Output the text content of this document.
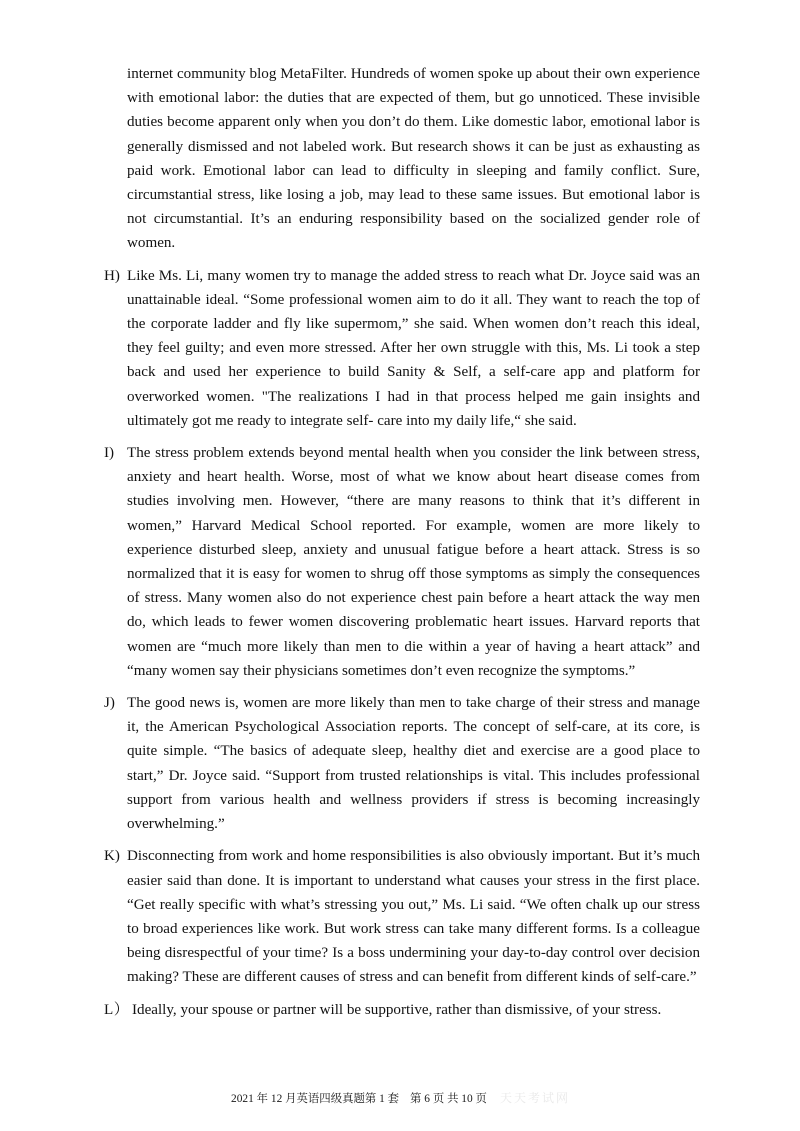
internet community blog MetaFilter. Hundreds of women spoke up about their own experience with emotional labor: the duties that are expected of them, but go unnoticed. These invisible duties become apparent only when you don’t do them. Like domestic labor, emotional labor is generally dismissed and not labeled work. But research shows it can be just as exhausting as paid work. Emotional labor can lead to difficulty in sleeping and family conflict. Sure, circumstantial stress, like losing a job, may lead to these same issues. But emotional labor is not circumstantial. It’s an enduring responsibility based on the socialized gender role of women.

H) Like Ms. Li, many women try to manage the added stress to reach what Dr. Joyce said was an unattainable ideal. “Some professional women aim to do it all. They want to reach the top of the corporate ladder and fly like supermom,” she said. When women don’t reach this ideal, they feel guilty; and even more stressed. After her own struggle with this, Ms. Li took a step back and used her experience to build Sanity & Self, a self-care app and platform for overworked women. "The realizations I had in that process helped me gain insights and ultimately got me ready to integrate self- care into my daily life,“ she said.

I) The stress problem extends beyond mental health when you consider the link between stress, anxiety and heart health. Worse, most of what we know about heart disease comes from studies involving men. However, “there are many reasons to think that it’s different in women,” Harvard Medical School reported. For example, women are more likely to experience disturbed sleep, anxiety and unusual fatigue before a heart attack. Stress is so normalized that it is easy for women to shrug off those symptoms as simply the consequences of stress. Many women also do not experience chest pain before a heart attack the way men do, which leads to fewer women discovering problematic heart issues. Harvard reports that women are “much more likely than men to die within a year of having a heart attack” and “many women say their physicians sometimes don’t even recognize the symptoms.”

J) The good news is, women are more likely than men to take charge of their stress and manage it, the American Psychological Association reports. The concept of self-care, at its core, is quite simple. “The basics of adequate sleep, healthy diet and exercise are a good place to start,” Dr. Joyce said. “Support from trusted relationships is vital. This includes professional support from various health and wellness providers if stress is becoming increasingly overwhelming.”

K) Disconnecting from work and home responsibilities is also obviously important. But it’s much easier said than done. It is important to understand what causes your stress in the first place. “Get really specific with what’s stressing you out,” Ms. Li said. “We often chalk up our stress to broad experiences like work. But work stress can take many different forms. Is a colleague being disrespectful of your time? Is a boss undermining your day-to-day control over decision making? These are different causes of stress and can benefit from different kinds of self-care.”

L） Ideally, your spouse or partner will be supportive, rather than dismissive, of your stress.

2021 年 12 月英语四级真题第 1 套 第 6 页 共 10 页 天天考试网
